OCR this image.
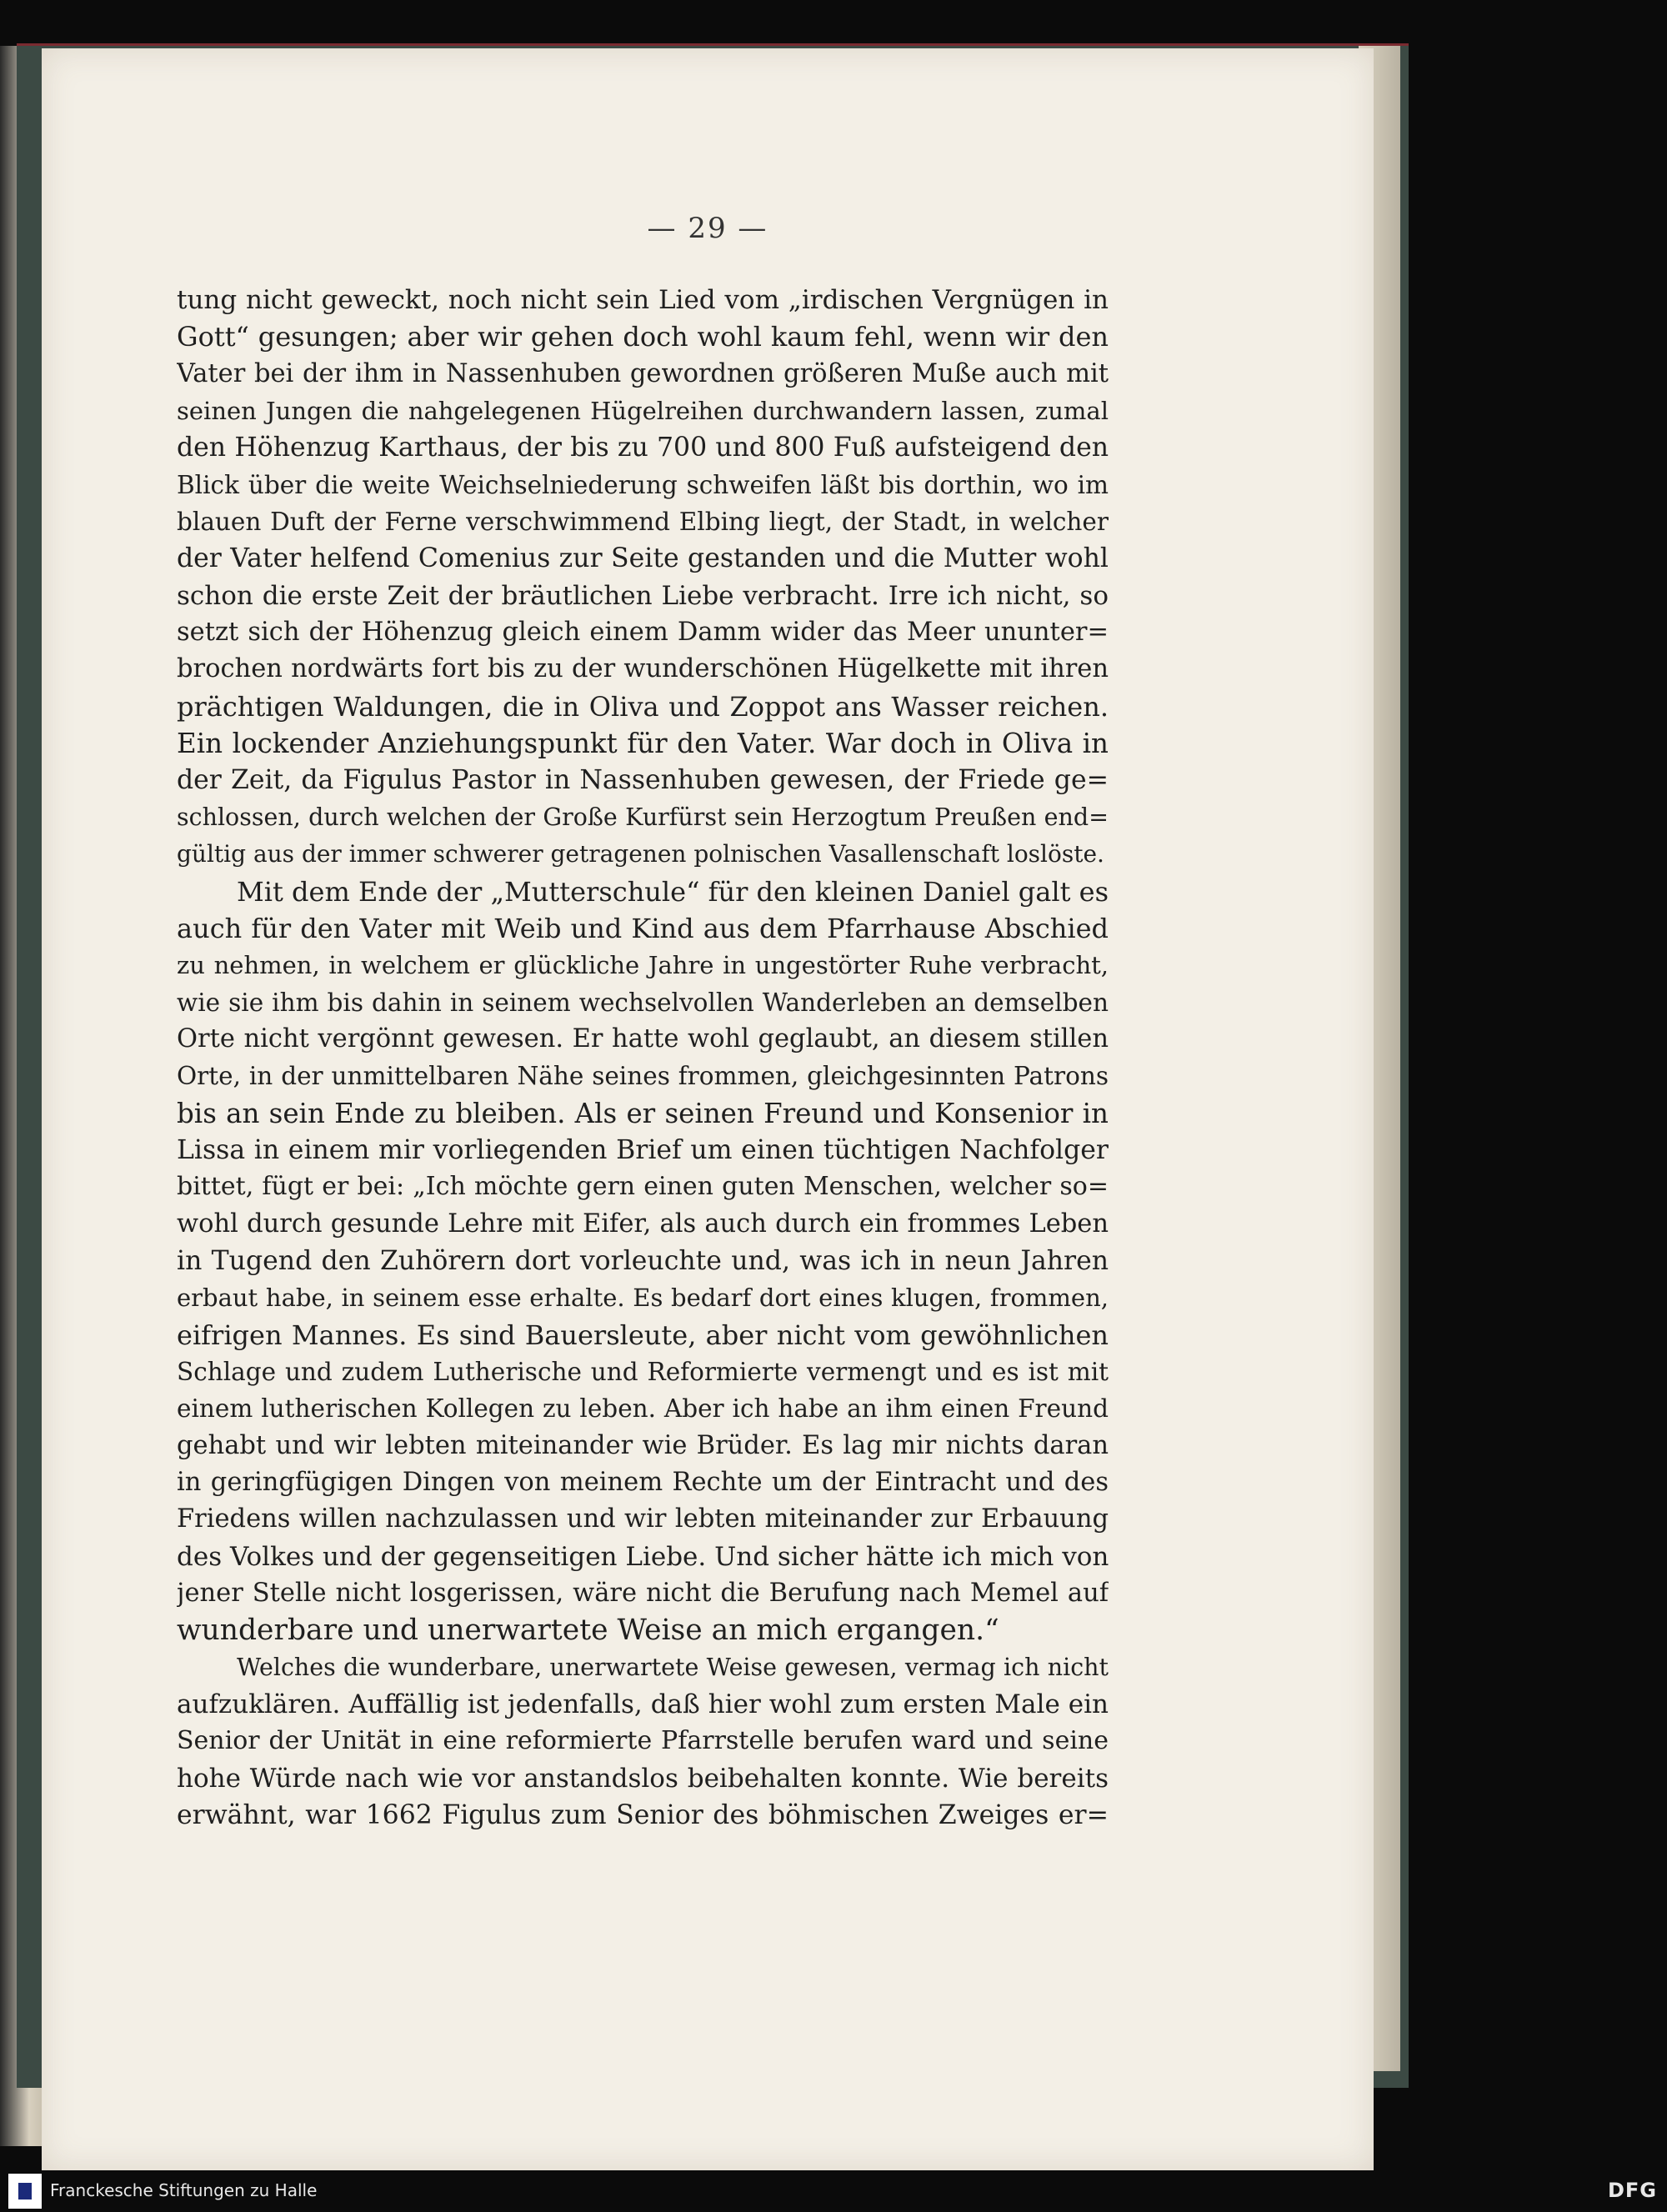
— 29 —
tung nicht geweckt, noch nicht sein Lied vom „irdischen Vergnügen in
Gott“ gesungen; aber wir gehen doch wohl kaum fehl, wenn wir den
Vater bei der ihm in Nassenhuben gewordnen größeren Muße auch mit
seinen Jungen die nahgelegenen Hügelreihen durchwandern lassen, zumal
den Höhenzug Karthaus, der bis zu 700 und 800 Fuß aufsteigend den
Blick über die weite Weichselniederung schweifen läßt bis dorthin, wo im
blauen Duft der Ferne verschwimmend Elbing liegt, der Stadt, in welcher
der Vater helfend Comenius zur Seite gestanden und die Mutter wohl
schon die erste Zeit der bräutlichen Liebe verbracht. Irre ich nicht, so
setzt sich der Höhenzug gleich einem Damm wider das Meer ununter=
brochen nordwärts fort bis zu der wunderschönen Hügelkette mit ihren
prächtigen Waldungen, die in Oliva und Zoppot ans Wasser reichen.
Ein lockender Anziehungspunkt für den Vater. War doch in Oliva in
der Zeit, da Figulus Pastor in Nassenhuben gewesen, der Friede ge=
schlossen, durch welchen der Große Kurfürst sein Herzogtum Preußen end=
gültig aus der immer schwerer getragenen polnischen Vasallenschaft loslöste.
Mit dem Ende der „Mutterschule“ für den kleinen Daniel galt es
auch für den Vater mit Weib und Kind aus dem Pfarrhause Abschied
zu nehmen, in welchem er glückliche Jahre in ungestörter Ruhe verbracht,
wie sie ihm bis dahin in seinem wechselvollen Wanderleben an demselben
Orte nicht vergönnt gewesen. Er hatte wohl geglaubt, an diesem stillen
Orte, in der unmittelbaren Nähe seines frommen, gleichgesinnten Patrons
bis an sein Ende zu bleiben. Als er seinen Freund und Konsenior in
Lissa in einem mir vorliegenden Brief um einen tüchtigen Nachfolger
bittet, fügt er bei: „Ich möchte gern einen guten Menschen, welcher so=
wohl durch gesunde Lehre mit Eifer, als auch durch ein frommes Leben
in Tugend den Zuhörern dort vorleuchte und, was ich in neun Jahren
erbaut habe, in seinem esse erhalte. Es bedarf dort eines klugen, frommen,
eifrigen Mannes. Es sind Bauersleute, aber nicht vom gewöhnlichen
Schlage und zudem Lutherische und Reformierte vermengt und es ist mit
einem lutherischen Kollegen zu leben. Aber ich habe an ihm einen Freund
gehabt und wir lebten miteinander wie Brüder. Es lag mir nichts daran
in geringfügigen Dingen von meinem Rechte um der Eintracht und des
Friedens willen nachzulassen und wir lebten miteinander zur Erbauung
des Volkes und der gegenseitigen Liebe. Und sicher hätte ich mich von
jener Stelle nicht losgerissen, wäre nicht die Berufung nach Memel auf
wunderbare und unerwartete Weise an mich ergangen.“
Welches die wunderbare, unerwartete Weise gewesen, vermag ich nicht
aufzuklären. Auffällig ist jedenfalls, daß hier wohl zum ersten Male ein
Senior der Unität in eine reformierte Pfarrstelle berufen ward und seine
hohe Würde nach wie vor anstandslos beibehalten konnte. Wie bereits
erwähnt, war 1662 Figulus zum Senior des böhmischen Zweiges er=
Franckesche Stiftungen zu Halle	DFG
